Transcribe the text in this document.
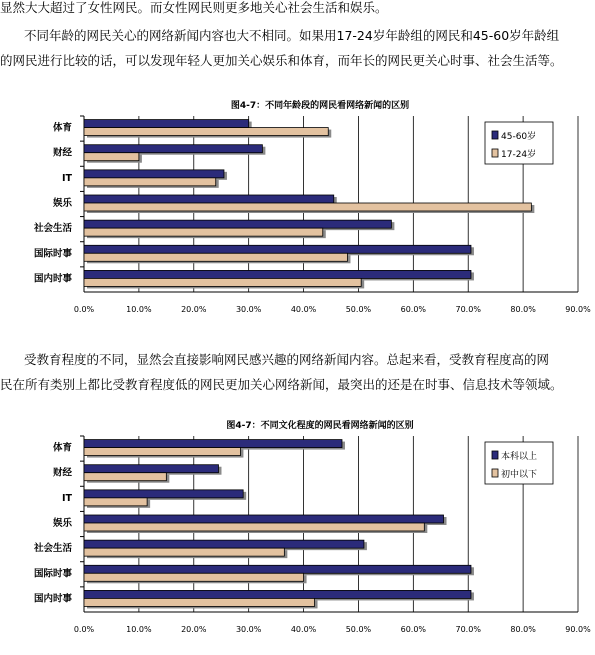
显然大大超过了女性网民。而女性网民则更多地关心社会生活和娱乐。
不同年龄的网民关心的网络新闻内容也大不相同。如果用17-24岁年龄组的网民和45-60岁年龄组
的网民进行比较的话，可以发现年轻人更加关心娱乐和体育，而年长的网民更关心时事、社会生活等。
图4-7：不同年龄段的网民看网络新闻的区别
0.0%	10.0%	20.0%	30.0%	40.0%	50.0%	60.0%	70.0%	80.0%	90.0%
体育
财经
IT
娱乐
社会生活
国际时事
国内时事
45-60岁
17-24岁
受教育程度的不同，显然会直接影响网民感兴趣的网络新闻内容。总起来看，受教育程度高的网
民在所有类别上都比受教育程度低的网民更加关心网络新闻，最突出的还是在时事、信息技术等领域。
图4-7：不同文化程度的网民看网络新闻的区别
0.0%	10.0%	20.0%	30.0%	40.0%	50.0%	60.0%	70.0%	80.0%	90.0%
体育
财经
IT
娱乐
社会生活
国际时事
国内时事
本科以上
初中以下
